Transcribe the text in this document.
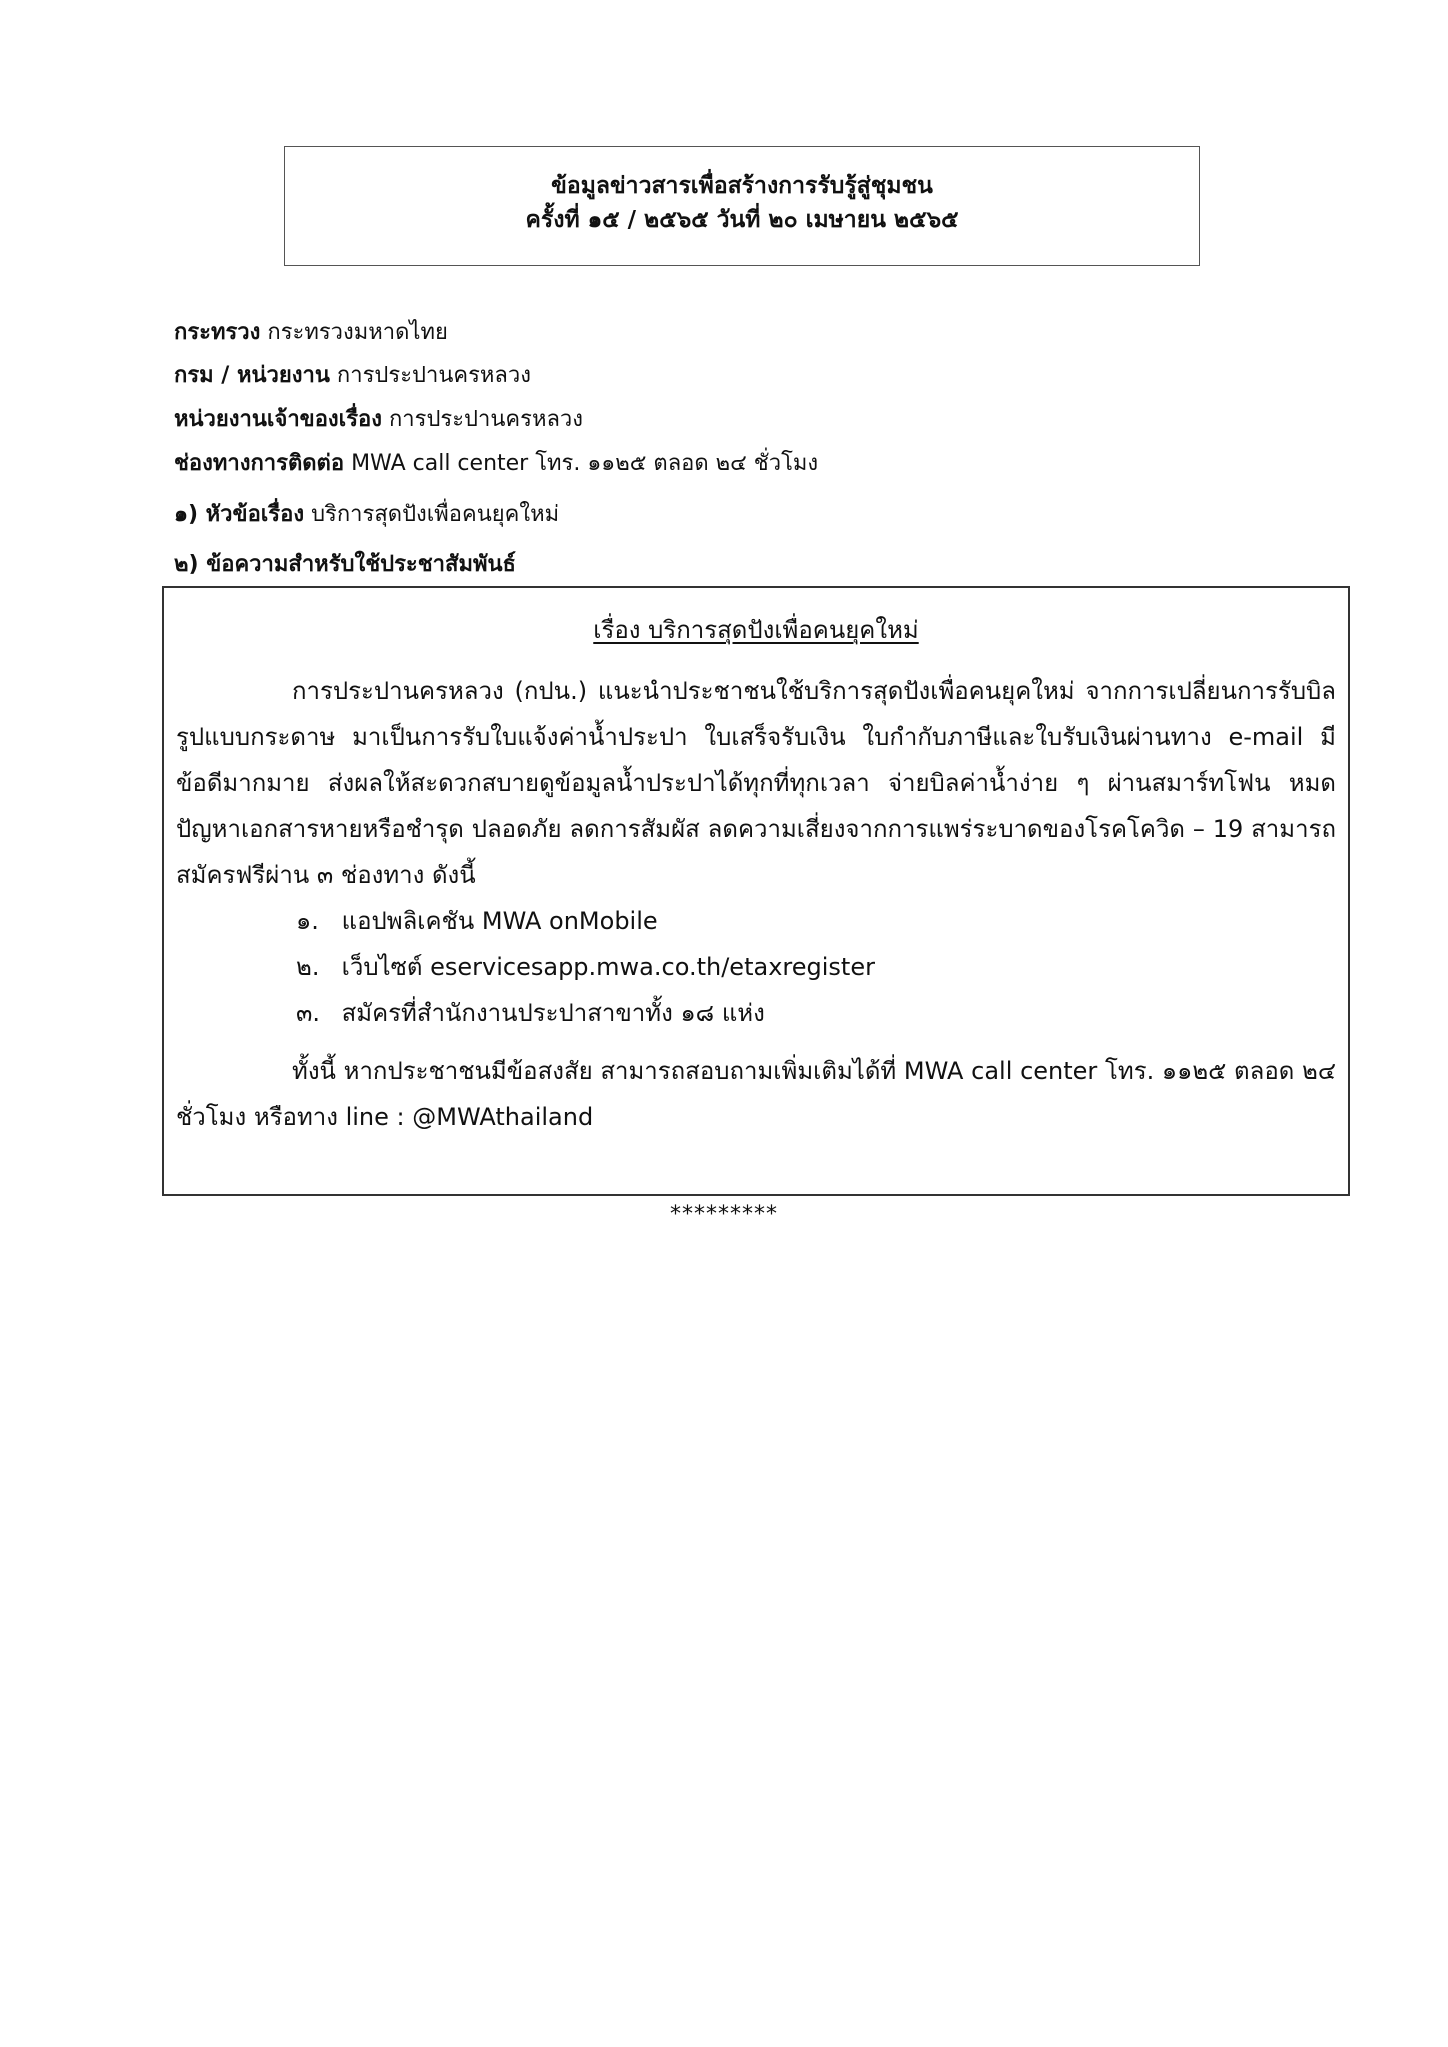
ข้อมูลข่าวสารเพื่อสร้างการรับรู้สู่ชุมชน
ครั้งที่ ๑๕ / ๒๕๖๕ วันที่ ๒๐ เมษายน ๒๕๖๕
กระทรวง กระทรวงมหาดไทย
กรม / หน่วยงาน การประปานครหลวง
หน่วยงานเจ้าของเรื่อง การประปานครหลวง
ช่องทางการติดต่อ MWA call center โทร. ๑๑๒๕ ตลอด ๒๔ ชั่วโมง
๑) หัวข้อเรื่อง บริการสุดปังเพื่อคนยุคใหม่
๒) ข้อความสำหรับใช้ประชาสัมพันธ์
เรื่อง บริการสุดปังเพื่อคนยุคใหม่

การประปานครหลวง (กปน.) แนะนำประชาชนใช้บริการสุดปังเพื่อคนยุคใหม่ จากการเปลี่ยนการรับบิลรูปแบบกระดาษ มาเป็นการรับใบแจ้งค่าน้ำประปา ใบเสร็จรับเงิน ใบกำกับภาษีและใบรับเงินผ่านทาง e-mail มีข้อดีมากมาย ส่งผลให้สะดวกสบายดูข้อมูลน้ำประปาได้ทุกที่ทุกเวลา จ่ายบิลค่าน้ำง่าย ๆ ผ่านสมาร์ทโฟน หมดปัญหาเอกสารหายหรือชำรุด ปลอดภัย ลดการสัมผัส ลดความเสี่ยงจากการแพร่ระบาดของโรคโควิด – 19 สามารถสมัครฟรีผ่าน ๓ ช่องทาง ดังนี้

๑. แอปพลิเคชัน MWA onMobile
๒. เว็บไซต์ eservicesapp.mwa.co.th/etaxregister
๓. สมัครที่สำนักงานประปาสาขาทั้ง ๑๘ แห่ง

ทั้งนี้ หากประชาชนมีข้อสงสัย สามารถสอบถามเพิ่มเติมได้ที่ MWA call center โทร. ๑๑๒๕ ตลอด ๒๔ ชั่วโมง หรือทาง line : @MWAthailand

*********
